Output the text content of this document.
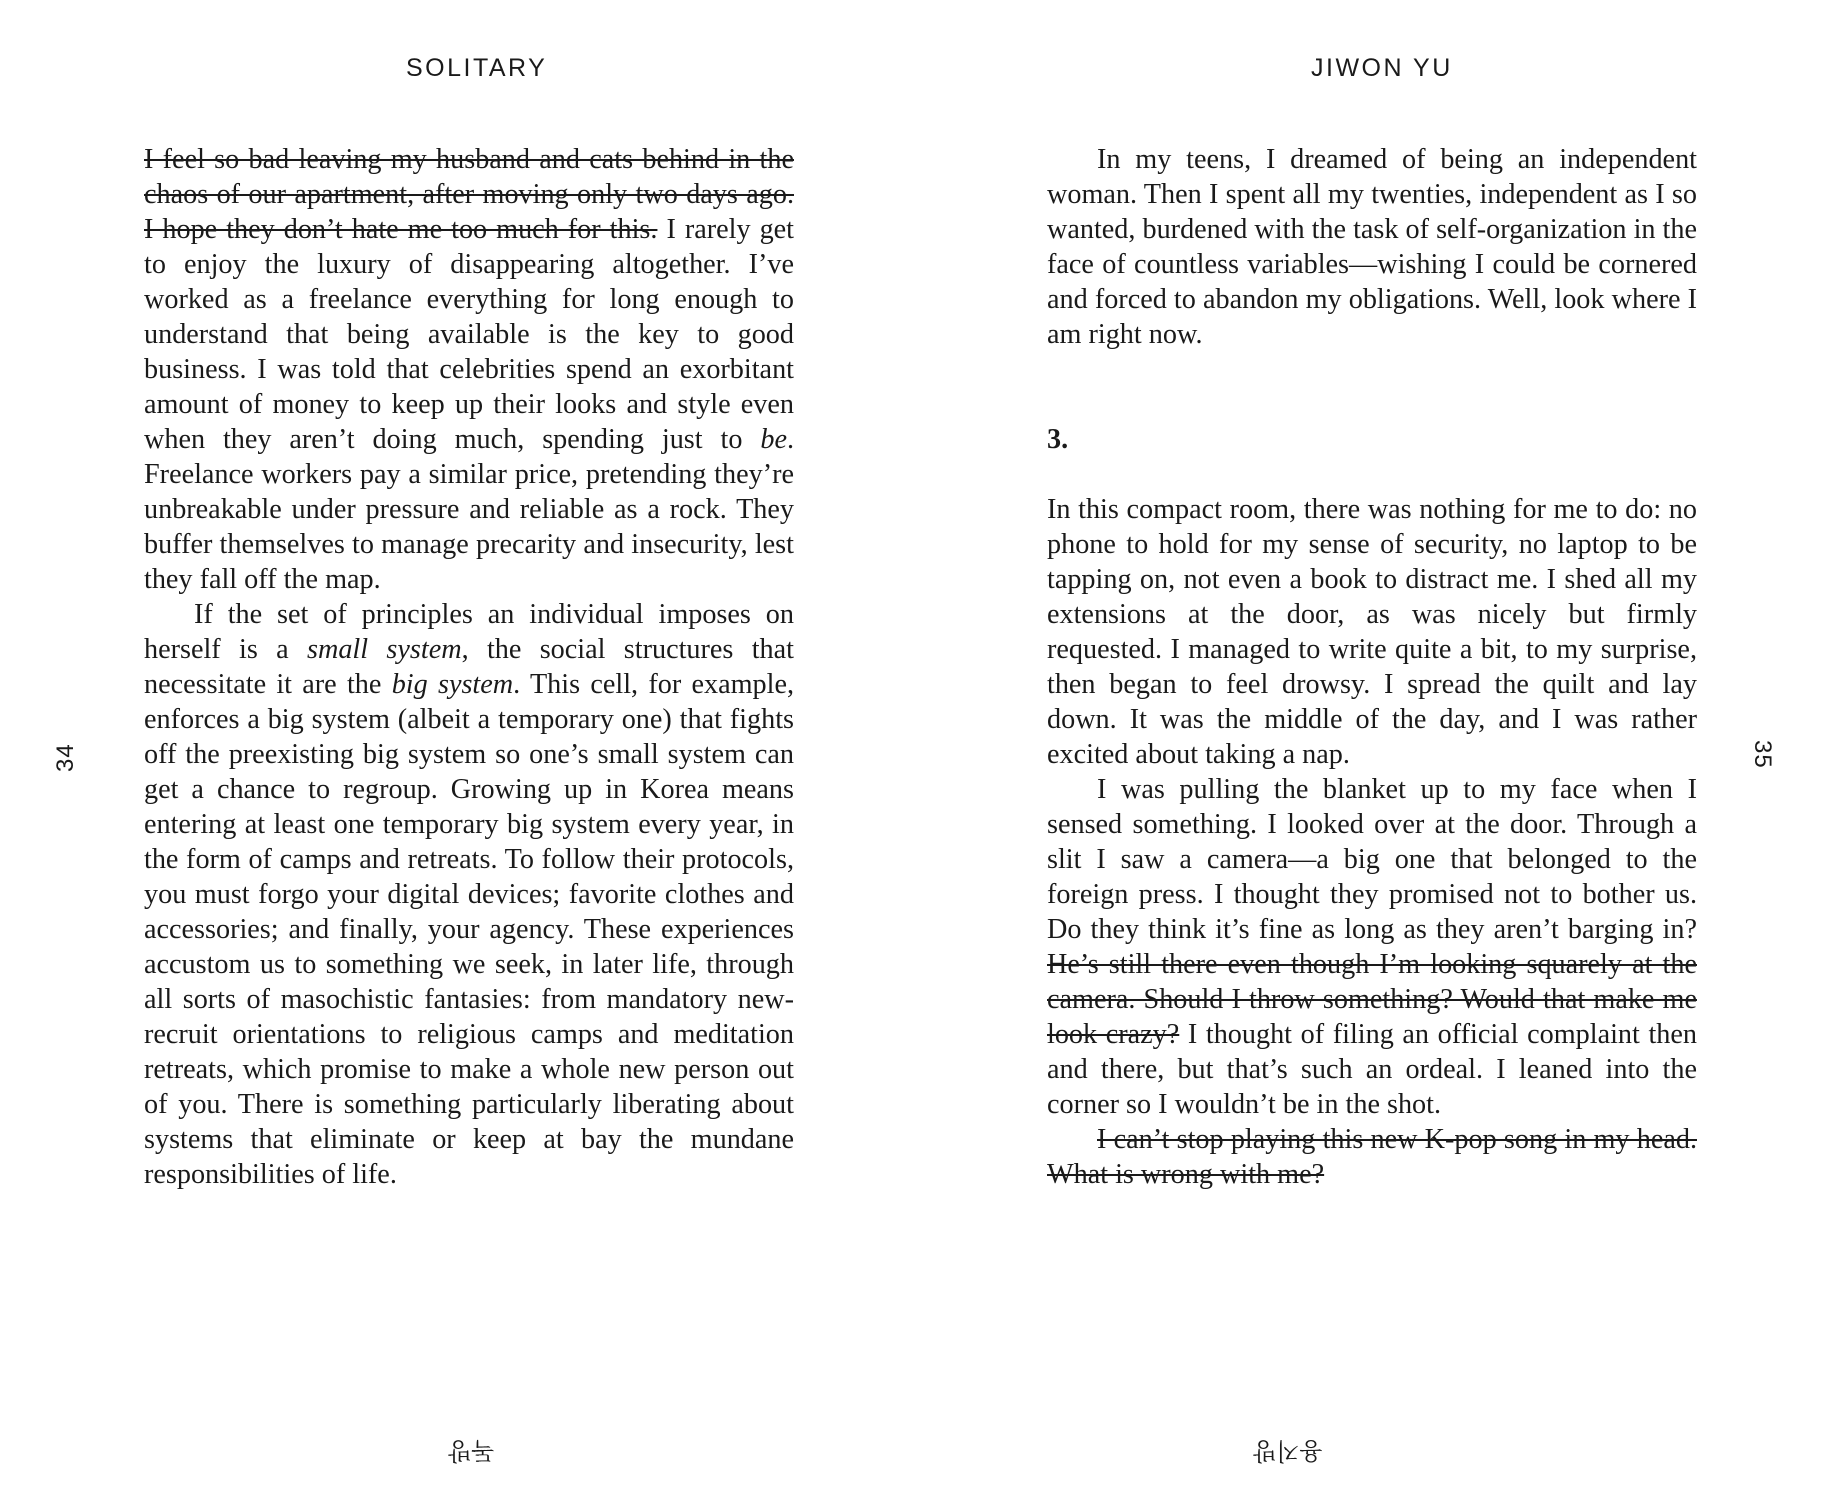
SOLITARY
34

I feel so bad leaving my husband and cats behind in the chaos of our apartment, after moving only two days ago. I hope they don’t hate me too much for this. I rarely get to enjoy the luxury of disappearing altogether. I’ve worked as a freelance everything for long enough to understand that being available is the key to good business. I was told that celebrities spend an exorbitant amount of money to keep up their looks and style even when they aren’t doing much, spending just to be. Freelance workers pay a similar price, pretending they’re unbreakable under pressure and reliable as a rock. They buffer themselves to manage precarity and insecurity, lest they fall off the map.

If the set of principles an individual imposes on herself is a small system, the social structures that necessitate it are the big system. This cell, for example, enforces a big system (albeit a temporary one) that fights off the preexisting big system so one’s small system can get a chance to regroup. Growing up in Korea means entering at least one temporary big system every year, in the form of camps and retreats. To follow their protocols, you must forgo your digital devices; favorite clothes and accessories; and finally, your agency. These experiences accustom us to something we seek, in later life, through all sorts of masochistic fantasies: from mandatory new-recruit orientations to religious camps and meditation retreats, which promise to make a whole new person out of you. There is something particularly liberating about systems that eliminate or keep at bay the mundane responsibilities of life.

독방
JIWON YU
35

In my teens, I dreamed of being an independent woman. Then I spent all my twenties, independent as I so wanted, burdened with the task of self-organization in the face of countless variables—wishing I could be cornered and forced to abandon my obligations. Well, look where I am right now.

3.

In this compact room, there was nothing for me to do: no phone to hold for my sense of security, no laptop to be tapping on, not even a book to distract me. I shed all my extensions at the door, as was nicely but firmly requested. I managed to write quite a bit, to my surprise, then began to feel drowsy. I spread the quilt and lay down. It was the middle of the day, and I was rather excited about taking a nap.

I was pulling the blanket up to my face when I sensed something. I looked over at the door. Through a slit I saw a camera—a big one that belonged to the foreign press. I thought they promised not to bother us. Do they think it’s fine as long as they aren’t barging in? He’s still there even though I’m looking squarely at the camera. Should I throw something? Would that make me look crazy? I thought of filing an official complaint then and there, but that’s such an ordeal. I leaned into the corner so I wouldn’t be in the shot.

I can’t stop playing this new K-pop song in my head. What is wrong with me?

용지방
